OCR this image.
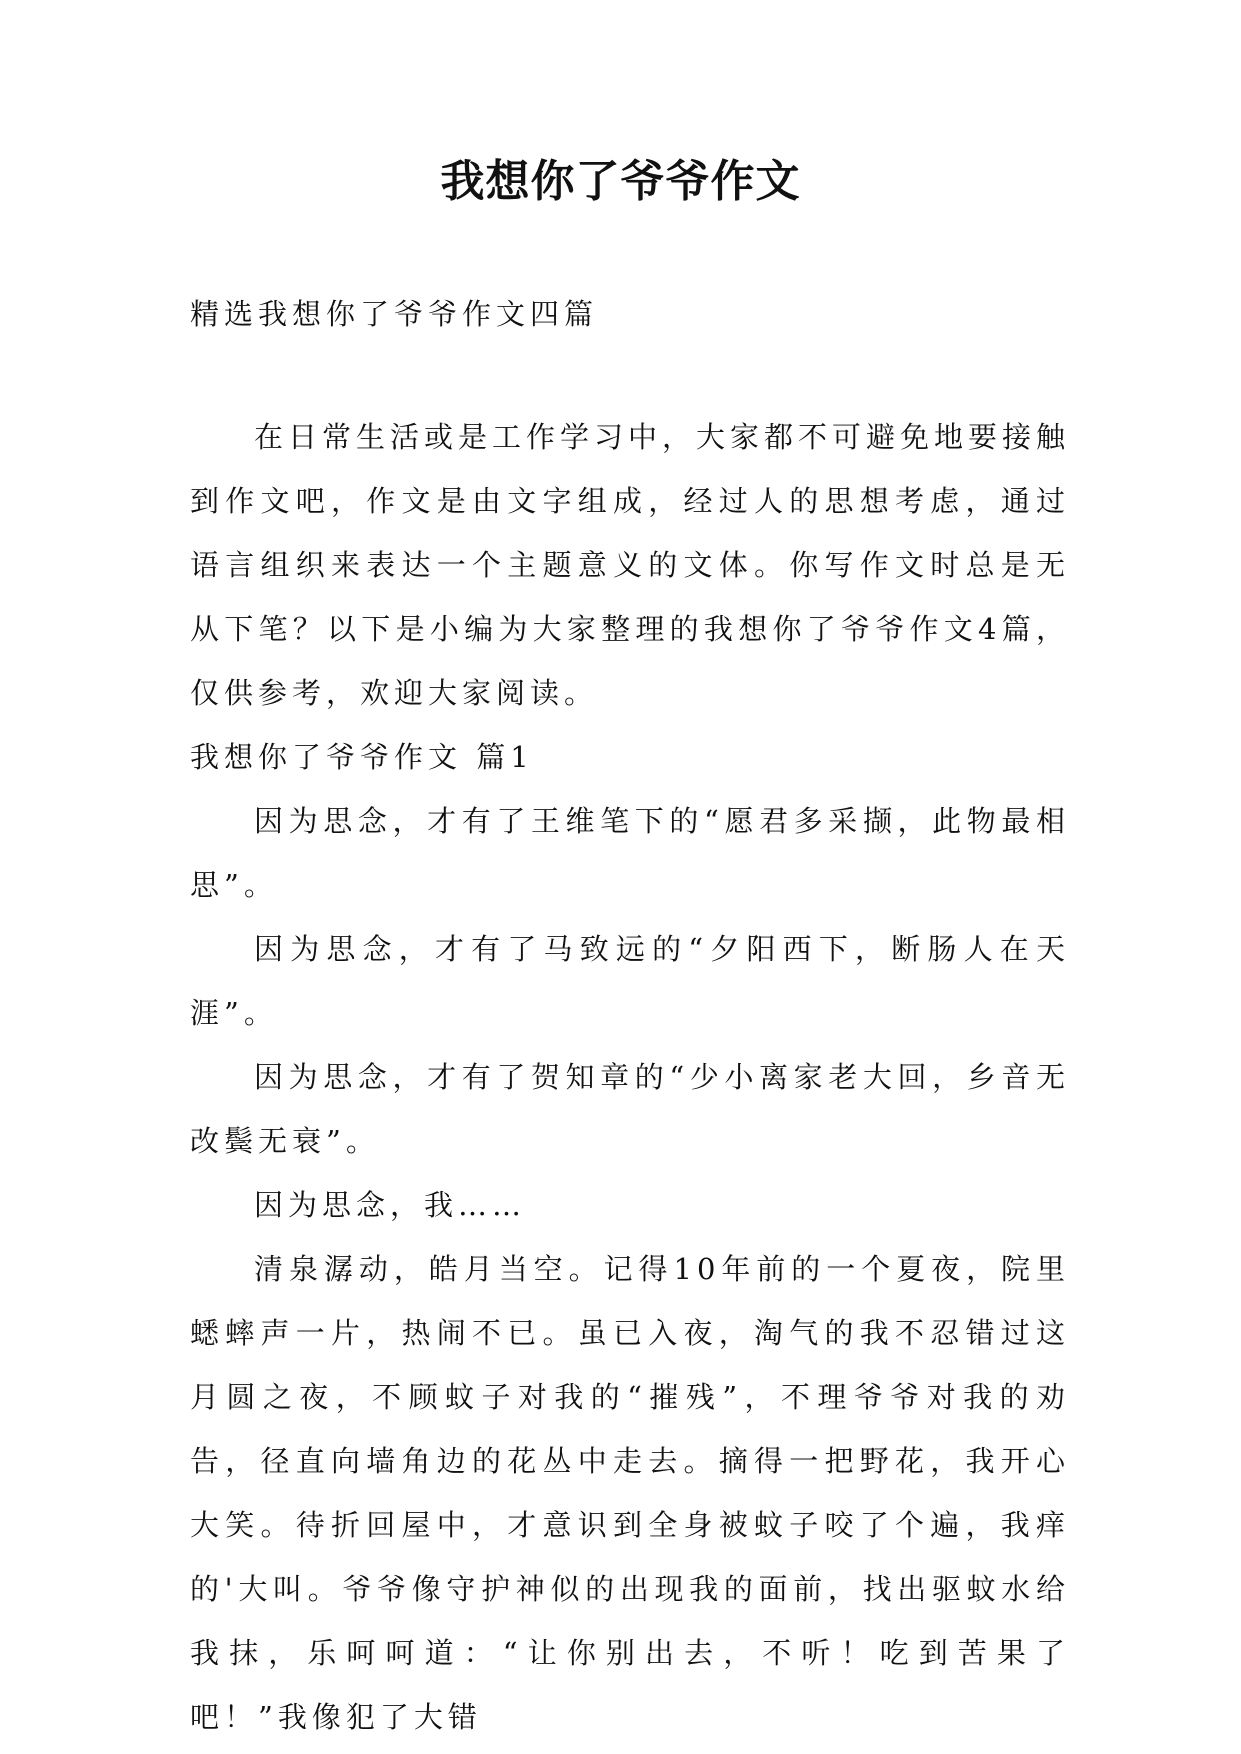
我想你了爷爷作文
精选我想你了爷爷作文四篇

在日常生活或是工作学习中，大家都不可避免地要接触到作文吧，作文是由文字组成，经过人的思想考虑，通过语言组织来表达一个主题意义的文体。你写作文时总是无从下笔？以下是小编为大家整理的我想你了爷爷作文4篇，仅供参考，欢迎大家阅读。

我想你了爷爷作文 篇1

因为思念，才有了王维笔下的“愿君多采撷，此物最相思”。

因为思念，才有了马致远的“夕阳西下，断肠人在天涯”。

因为思念，才有了贺知章的“少小离家老大回，乡音无改鬓无衰”。

因为思念，我……

清泉潺动，皓月当空。记得10年前的一个夏夜，院里蟋蟀声一片，热闹不已。虽已入夜，淘气的我不忍错过这月圆之夜，不顾蚊子对我的“摧残”，不理爷爷对我的劝告，径直向墙角边的花丛中走去。摘得一把野花，我开心大笑。待折回屋中，才意识到全身被蚊子咬了个遍，我痒的'大叫。爷爷像守护神似的出现我的面前，找出驱蚊水给我抹，乐呵呵道：“让你别出去，不听！吃到苦果了吧！”我像犯了大错
